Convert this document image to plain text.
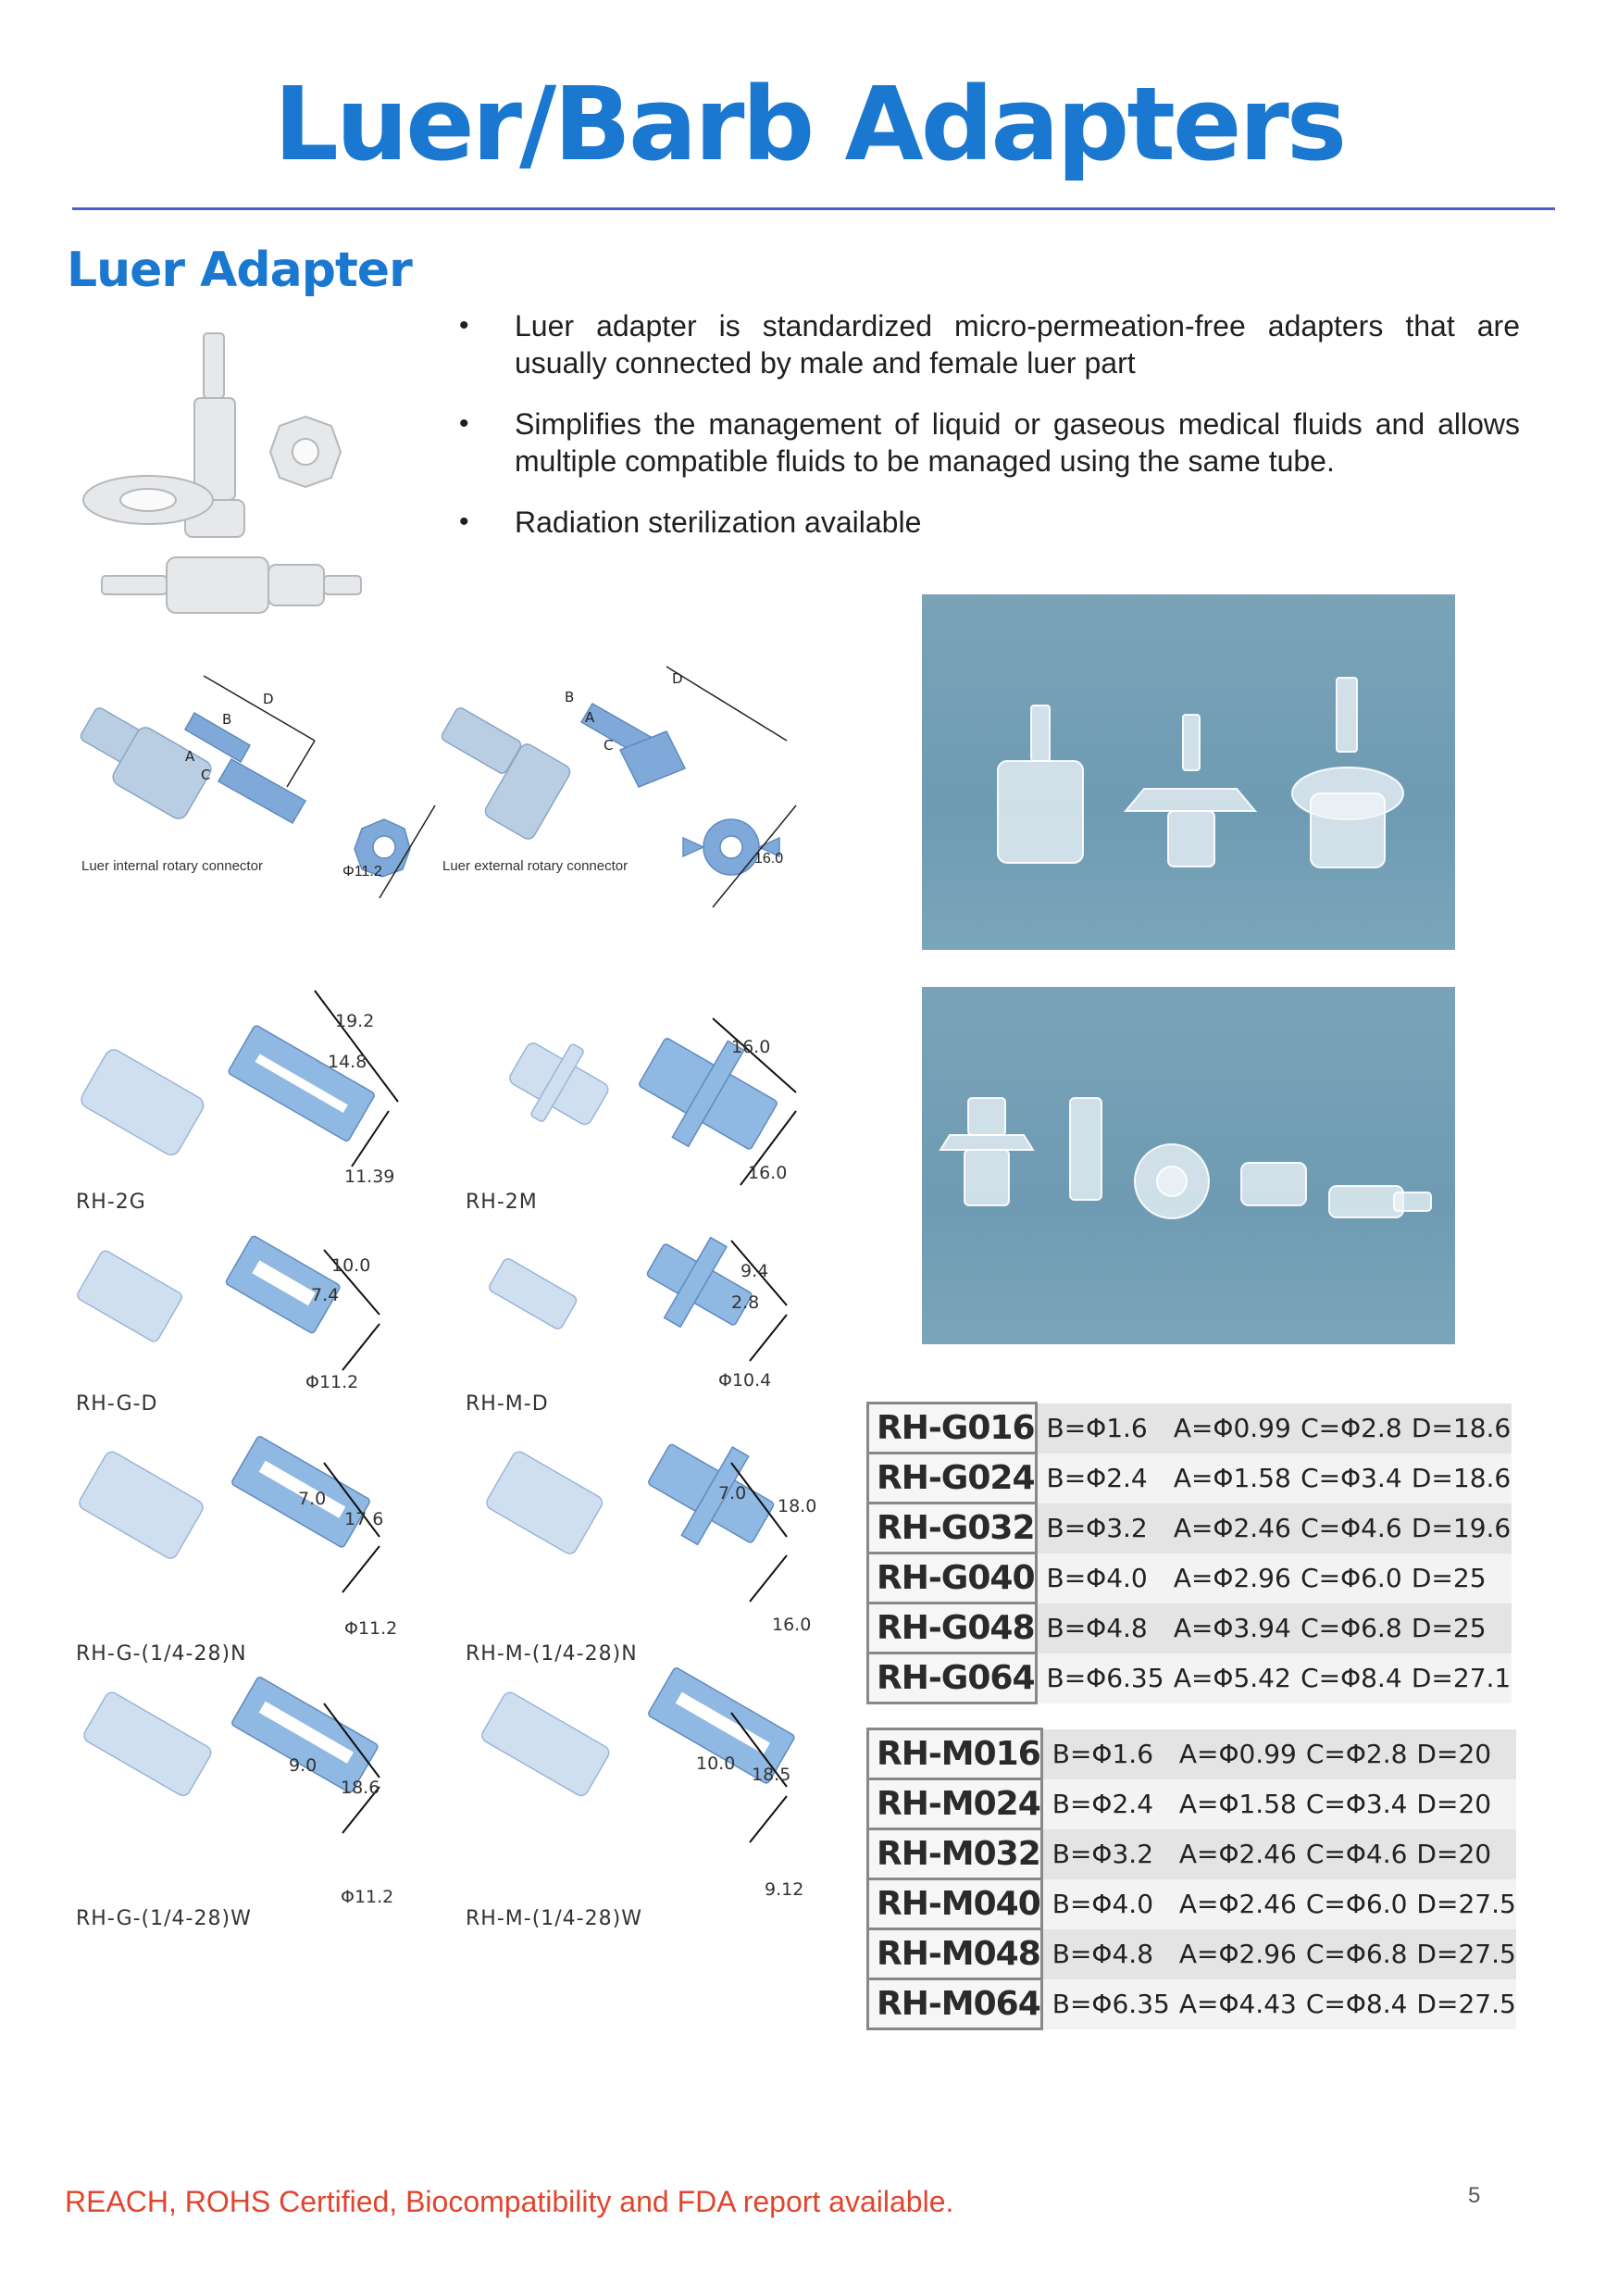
Luer/Barb Adapters
Luer Adapter
• Luer adapter is standardized micro-permeation-free adapters that are usually connected by male and female luer part
• Simplifies the management of liquid or gaseous medical fluids and allows multiple compatible fluids to be managed using the same tube.
• Radiation sterilization available
B
A
C
D	B
A
C
D
Luer internal rotary connector	Φ11.2	Luer external rotary connector	16.0
RH-2G	RH-2M
RH-G-D	RH-M-D
RH-G-(1/4-28)N	RH-M-(1/4-28)N
RH-G-(1/4-28)W	RH-M-(1/4-28)W
19.2
14.8
11.39
16.0
16.0
10.0
7.4
Φ11.2
9.4
2.8
Φ10.4
7.0
17.6
Φ11.2
7.0
18.0
16.0
9.0
18.6
Φ11.2
10.0
18.5
9.12
RH-G016	B=Φ1.6	A=Φ0.99	C=Φ2.8	D=18.6
RH-G024	B=Φ2.4	A=Φ1.58	C=Φ3.4	D=18.6
RH-G032	B=Φ3.2	A=Φ2.46	C=Φ4.6	D=19.6
RH-G040	B=Φ4.0	A=Φ2.96	C=Φ6.0	D=25
RH-G048	B=Φ4.8	A=Φ3.94	C=Φ6.8	D=25
RH-G064	B=Φ6.35	A=Φ5.42	C=Φ8.4	D=27.1
RH-M016	B=Φ1.6	A=Φ0.99	C=Φ2.8	D=20
RH-M024	B=Φ2.4	A=Φ1.58	C=Φ3.4	D=20
RH-M032	B=Φ3.2	A=Φ2.46	C=Φ4.6	D=20
RH-M040	B=Φ4.0	A=Φ2.46	C=Φ6.0	D=27.5
RH-M048	B=Φ4.8	A=Φ2.96	C=Φ6.8	D=27.5
RH-M064	B=Φ6.35	A=Φ4.43	C=Φ8.4	D=27.5
REACH, ROHS Certified, Biocompatibility and FDA report available.	5
